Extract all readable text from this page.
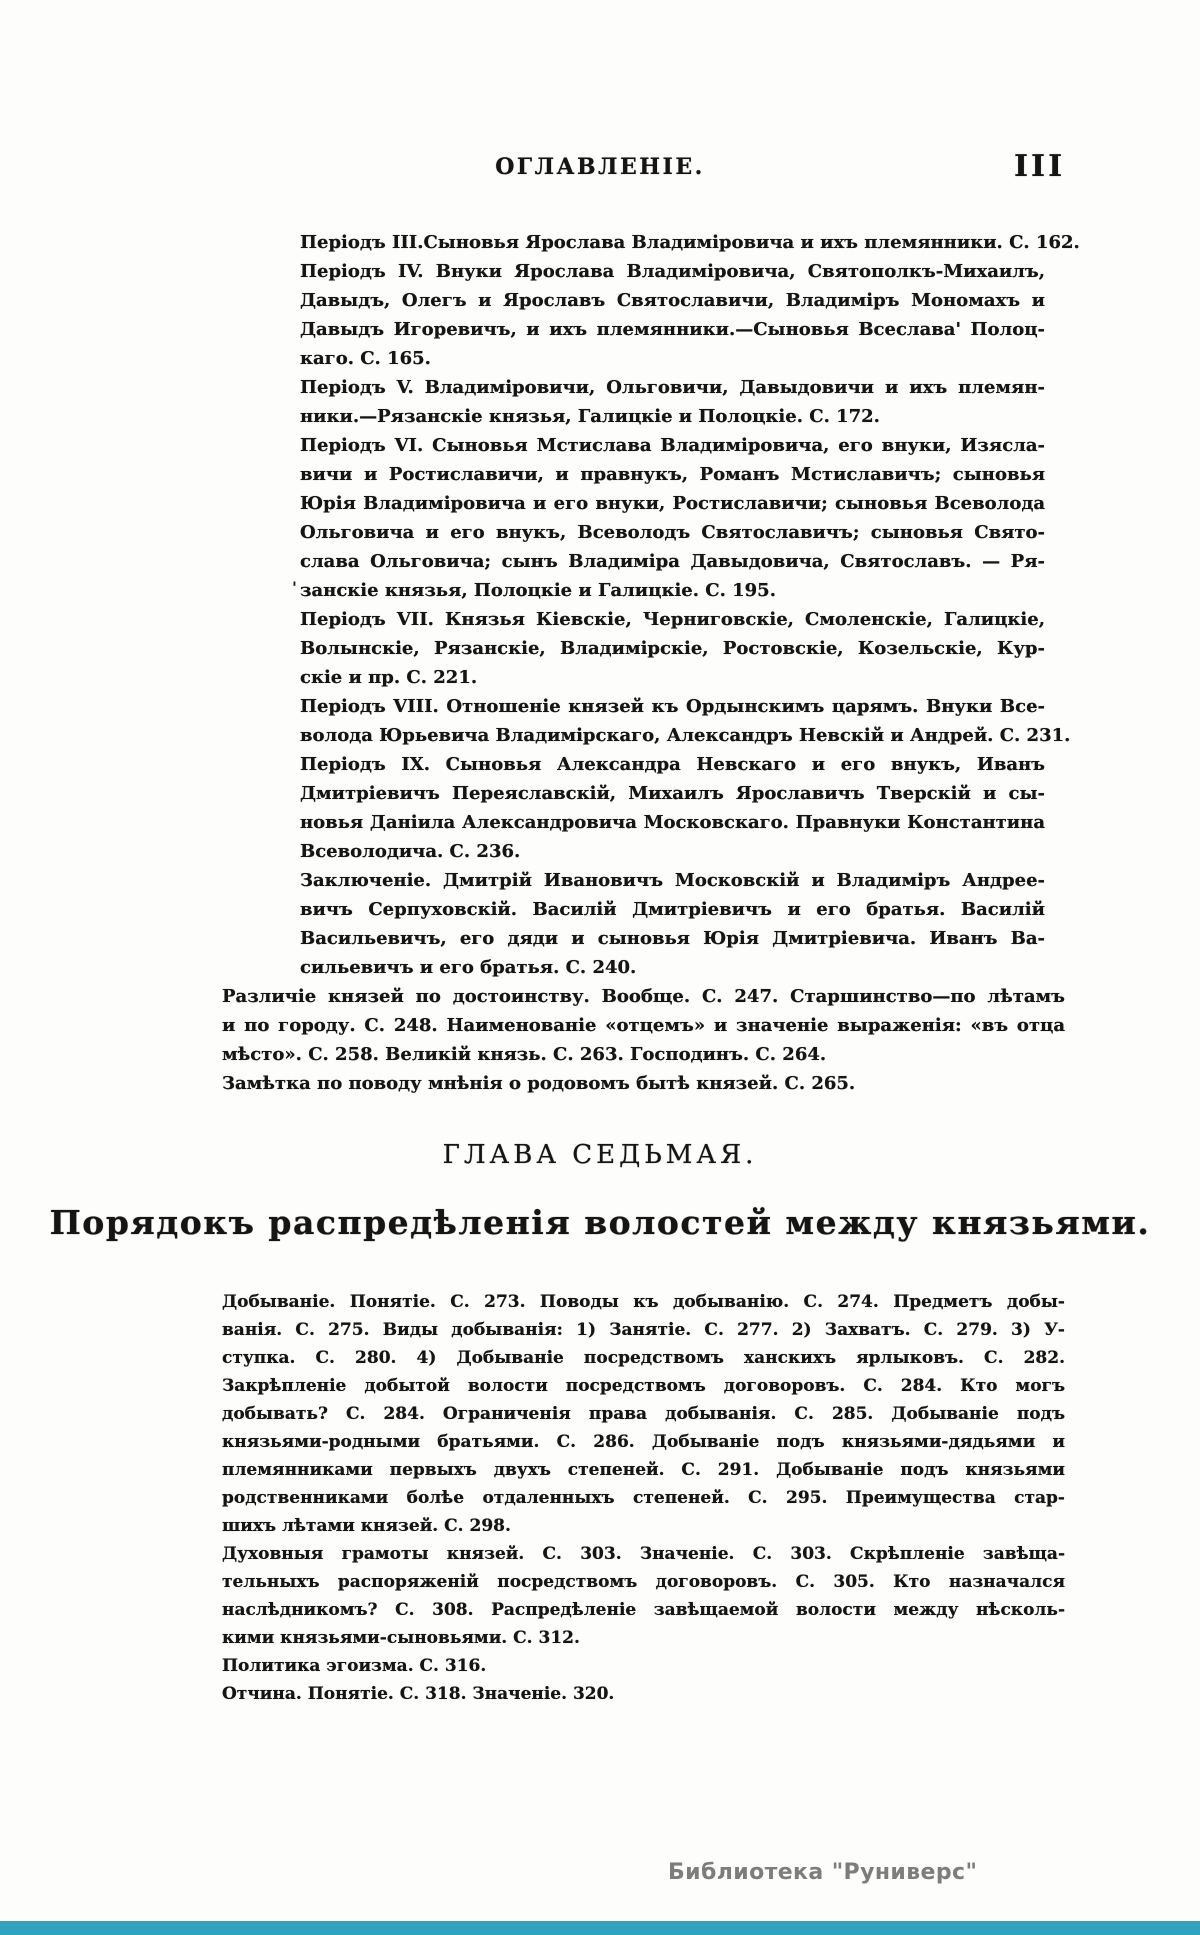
ОГЛАВЛЕНІЕ.	III
Періодъ III.Сыновья Ярослава Владиміровича и ихъ племянники. С. 162.
Періодъ IV. Внуки Ярослава Владиміровича, Святополкъ-Михаилъ,
Давыдъ, Олегъ и Ярославъ Святославичи, Владиміръ Мономахъ и
Давыдъ Игоревичъ, и ихъ племянники.—Сыновья Всеслава' Полоц-
каго. С. 165.
Періодъ V. Владиміровичи, Ольговичи, Давыдовичи и ихъ племян-
ники.—Рязанскіе князья, Галицкіе и Полоцкіе. С. 172.
Періодъ VI. Сыновья Мстислава Владиміровича, его внуки, Изясла-
вичи и Ростиславичи, и правнукъ, Романъ Мстиславичъ; сыновья
Юрія Владиміровича и его внуки, Ростиславичи; сыновья Всеволода
Ольговича и его внукъ, Всеволодъ Святославичъ; сыновья Свято-
слава Ольговича; сынъ Владиміра Давыдовича, Святославъ. — Ря-
занскіе князья, Полоцкіе и Галицкіе. С. 195.
Періодъ VII. Князья Кіевскіе, Черниговскіе, Смоленскіе, Галицкіе,
Волынскіе, Рязанскіе, Владимірскіе, Ростовскіе, Козельскіе, Кур-
скіе и пр. С. 221.
Періодъ VIII. Отношеніе князей къ Ордынскимъ царямъ. Внуки Все-
волода Юрьевича Владимірскаго, Александръ Невскій и Андрей. С. 231.
Періодъ IX. Сыновья Александра Невскаго и его внукъ, Иванъ
Дмитріевичъ Переяславскій, Михаилъ Ярославичъ Тверскій и сы-
новья Даніила Александровича Московскаго. Правнуки Константина
Всеволодича. С. 236.
Заключеніе. Дмитрій Ивановичъ Московскій и Владиміръ Андрее-
вичъ Серпуховскій. Василій Дмитріевичъ и его братья. Василій
Васильевичъ, его дяди и сыновья Юрія Дмитріевича. Иванъ Ва-
сильевичъ и его братья. С. 240.
Различіе князей по достоинству. Вообще. С. 247. Старшинство—по лѣтамъ
и по городу. С. 248. Наименованіе «отцемъ» и значеніе выраженія: «въ отца
мѣсто». С. 258. Великій князь. С. 263. Господинъ. С. 264.
Замѣтка по поводу мнѣнія о родовомъ бытѣ князей. С. 265.
'
ГЛАВА СЕДЬМАЯ.
Порядокъ распредѣленія волостей между князьями.
Добываніе. Понятіе. С. 273. Поводы къ добыванію. С. 274. Предметъ добы-
ванія. С. 275. Виды добыванія: 1) Занятіе. С. 277. 2) Захватъ. С. 279. 3) У-
ступка. С. 280. 4) Добываніе посредствомъ ханскихъ ярлыковъ. С. 282.
Закрѣпленіе добытой волости посредствомъ договоровъ. С. 284. Кто могъ
добывать? С. 284. Ограниченія права добыванія. С. 285. Добываніе подъ
князьями-родными братьями. С. 286. Добываніе подъ князьями-дядьями и
племянниками первыхъ двухъ степеней. С. 291. Добываніе подъ князьями
родственниками болѣе отдаленныхъ степеней. С. 295. Преимущества стар-
шихъ лѣтами князей. С. 298.
Духовныя грамоты князей. С. 303. Значеніе. С. 303. Скрѣпленіе завѣща-
тельныхъ распоряженій посредствомъ договоровъ. С. 305. Кто назначался
наслѣдникомъ? С. 308. Распредѣленіе завѣщаемой волости между нѣсколь-
кими князьями-сыновьями. С. 312.
Политика эгоизма. С. 316.
Отчина. Понятіе. С. 318. Значеніе. 320.
Библиотека "Руниверс"
